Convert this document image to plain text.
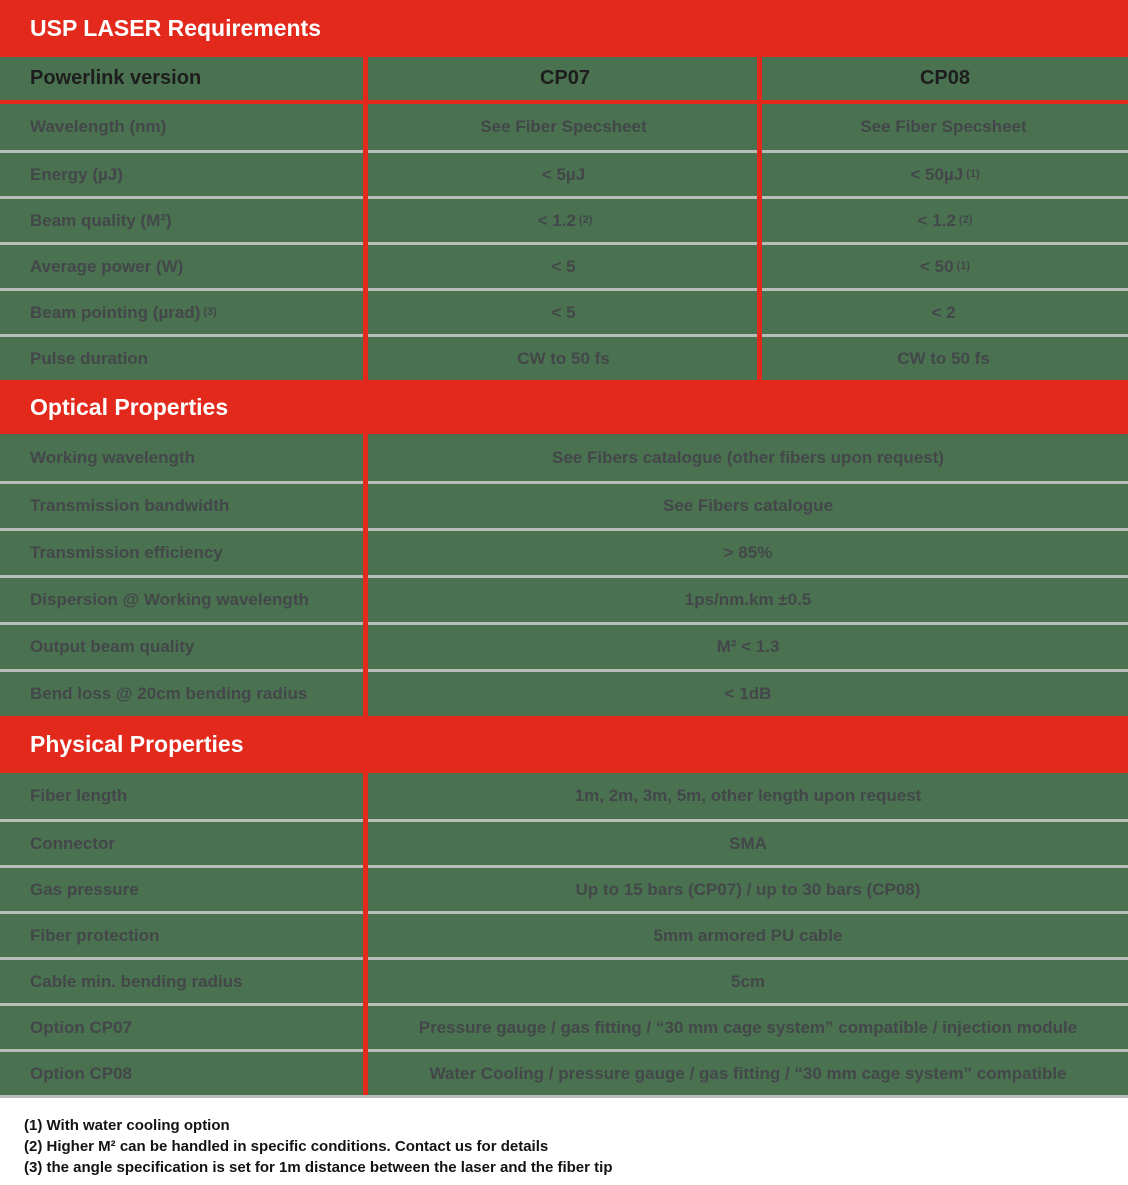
USP LASER Requirements
Powerlink version	CP07	CP08
Wavelength (nm)	See Fiber Specsheet	See Fiber Specsheet
Energy (µJ)	< 5µJ	< 50µJ $^{(1)}$
Beam quality (M²)	< 1.2 $^{(2)}$	< 1.2 $^{(2)}$
Average power (W)	< 5	< 50 $^{(1)}$
Beam pointing (µrad) $^{(3)}$	< 5	< 2
Pulse duration	CW to 50 fs	CW to 50 fs
Optical Properties
Working wavelength	See Fibers catalogue (other fibers upon request)
Transmission bandwidth	See Fibers catalogue
Transmission efficiency	> 85%
Dispersion @ Working wavelength	1ps/nm.km ±0.5
Output beam quality	M² < 1.3
Bend loss @ 20cm bending radius	< 1dB
Physical Properties
Fiber length	1m, 2m, 3m, 5m, other length upon request
Connector	SMA
Gas pressure	Up to 15 bars (CP07) / up to 30 bars (CP08)
Fiber protection	5mm armored PU cable
Cable min. bending radius	5cm
Option CP07	Pressure gauge / gas fitting / “30 mm cage system” compatible / injection module
Option CP08	Water Cooling / pressure gauge / gas fitting / “30 mm cage system” compatible
(1) With water cooling option
(2) Higher M² can be handled in specific conditions. Contact us for details
(3) the angle specification is set for 1m distance between the laser and the fiber tip
